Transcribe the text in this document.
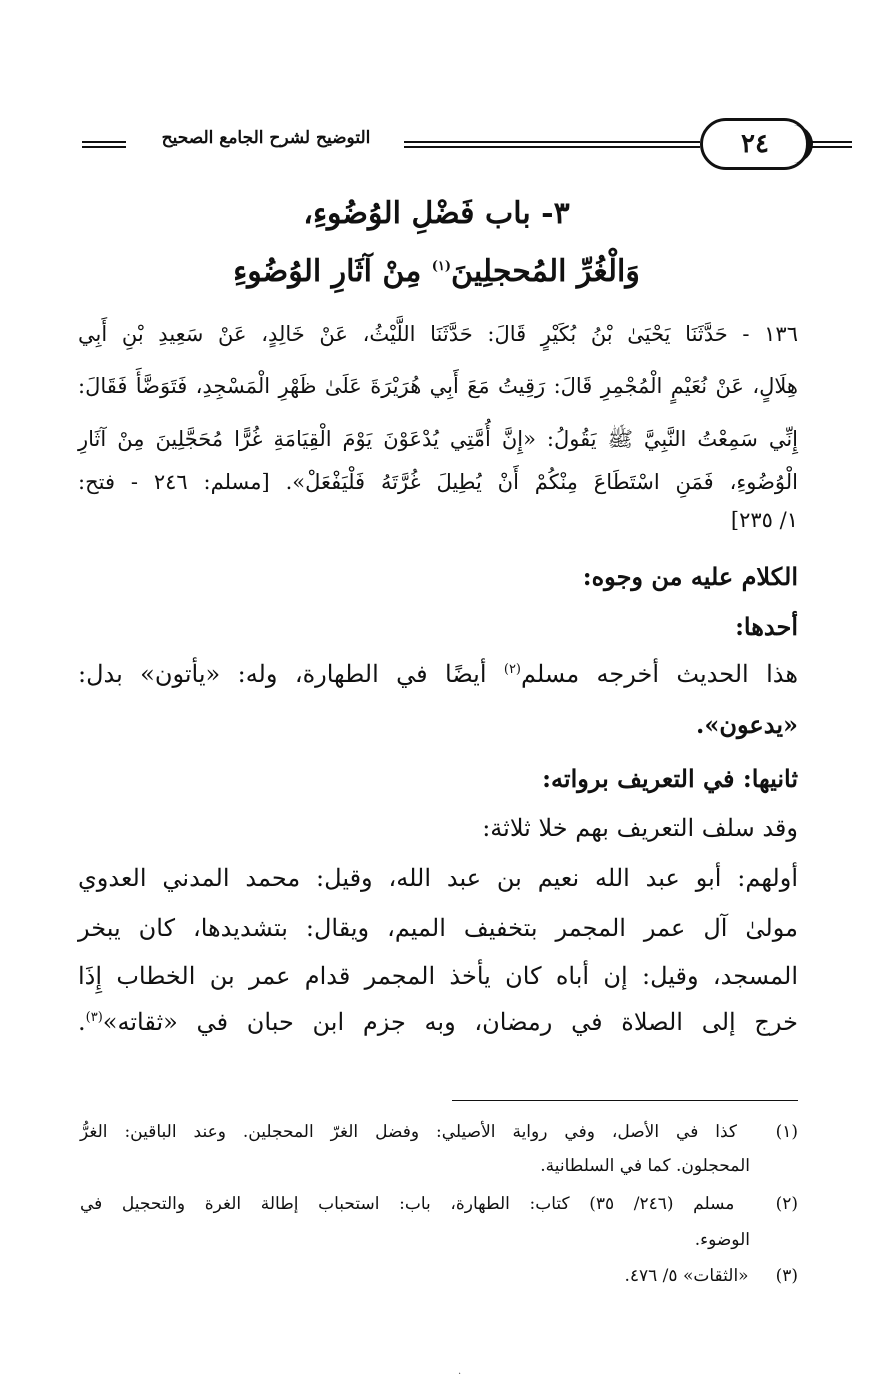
٢٤
التوضيح لشرح الجامع الصحيح
٣- باب فَضْلِ الوُضُوءِ،
وَالْغُرِّ المُحجلِينَ$^{(١)}$ مِنْ آثَارِ الوُضُوءِ
١٣٦ - حَدَّثَنَا يَحْيَىٰ بْنُ بُكَيْرٍ قَالَ: حَدَّثَنَا اللَّيْثُ، عَنْ خَالِدٍ، عَنْ سَعِيدِ بْنِ أَبِي
هِلَالٍ، عَنْ نُعَيْمٍ الْمُجْمِرِ قَالَ: رَقِيتُ مَعَ أَبِي هُرَيْرَةَ عَلَىٰ ظَهْرِ الْمَسْجِدِ، فَتَوَضَّأَ فَقَالَ:
إِنِّي سَمِعْتُ النَّبِيَّ ﷺ يَقُولُ: «إِنَّ أُمَّتِي يُدْعَوْنَ يَوْمَ الْقِيَامَةِ غُرًّا مُحَجَّلِينَ مِنْ آثَارِ
الْوُضُوءِ، فَمَنِ اسْتَطَاعَ مِنْكُمْ أَنْ يُطِيلَ غُرَّتَهُ فَلْيَفْعَلْ». [مسلم: ٢٤٦ - فتح:
١/ ٢٣٥]
الكلام عليه من وجوه:
أحدها:
هذا الحديث أخرجه مسلم$^{(٢)}$ أيضًا في الطهارة، وله: «يأتون» بدل:
«يدعون».
ثانيها: في التعريف برواته:
وقد سلف التعريف بهم خلا ثلاثة:
أولهم: أبو عبد الله نعيم بن عبد الله، وقيل: محمد المدني العدوي
مولىٰ آل عمر المجمر بتخفيف الميم، ويقال: بتشديدها، كان يبخر
المسجد، وقيل: إن أباه كان يأخذ المجمر قدام عمر بن الخطاب إِذَا
خرج إلى الصلاة في رمضان، وبه جزم ابن حبان في «ثقاته»$^{(٣)}$.
(١) كذا في الأصل، وفي رواية الأصيلي: وفضل الغرّ المحجلين. وعند الباقين: الغرُّ
المحجلون. كما في السلطانية.
(٢) مسلم (٢٤٦/ ٣٥) كتاب: الطهارة، باب: استحباب إطالة الغرة والتحجيل في
الوضوء.
(٣) «الثقات» ٥/ ٤٧٦.
.
